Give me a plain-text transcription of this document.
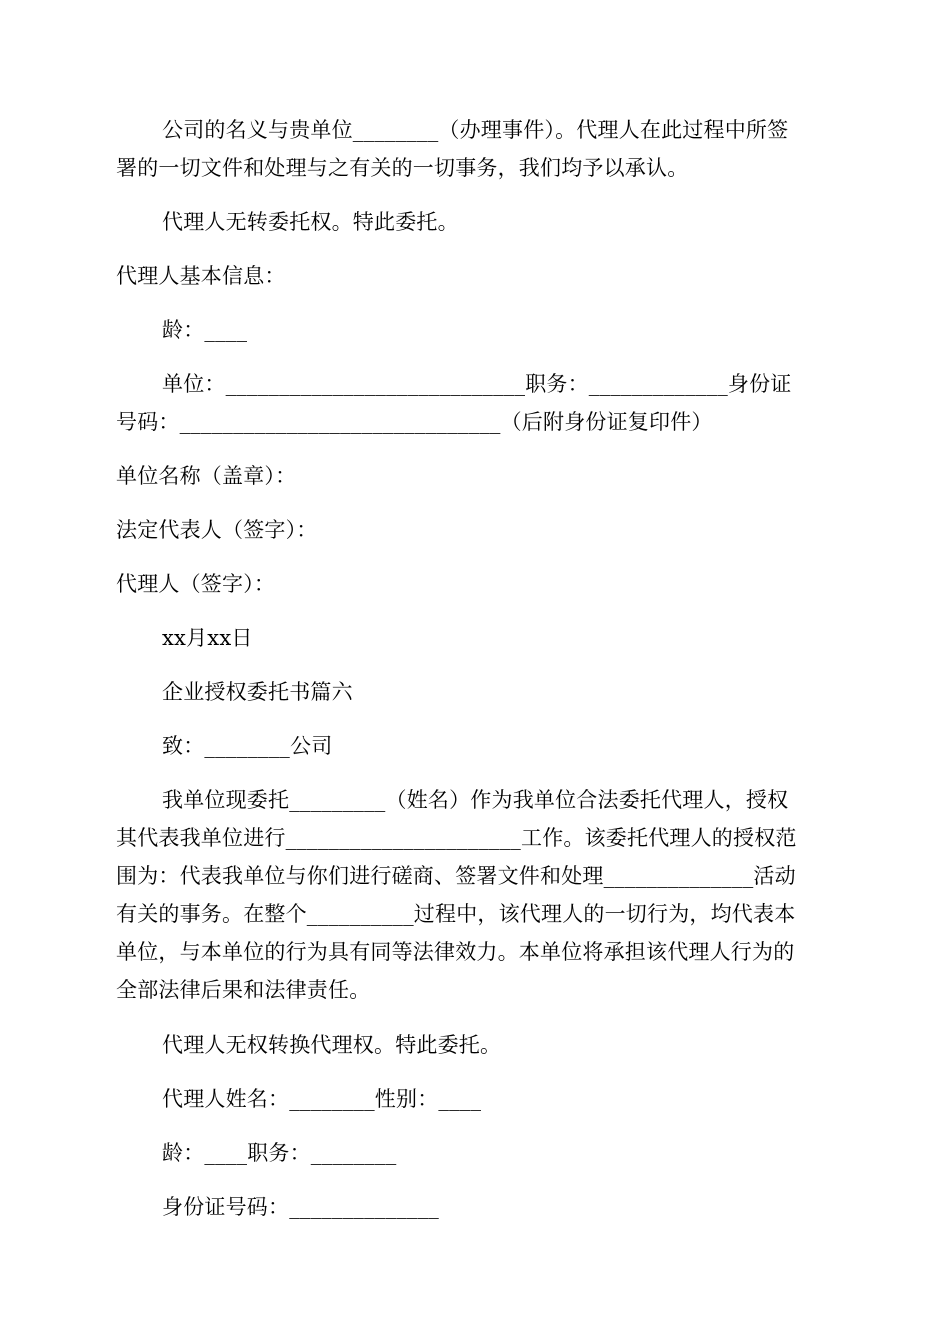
公司的名义与贵单位________（办理事件）。代理人在此过程中所签
署的一切文件和处理与之有关的一切事务，我们均予以承认。
代理人无转委托权。特此委托。
代理人基本信息：
龄：____
单位：____________________________职务：_____________身份证
号码：______________________________（后附身份证复印件）
单位名称（盖章）：
法定代表人（签字）：
代理人（签字）：
xx月xx日
企业授权委托书篇六
致：________公司
我单位现委托_________（姓名）作为我单位合法委托代理人，授权
其代表我单位进行______________________工作。该委托代理人的授权范
围为：代表我单位与你们进行磋商、签署文件和处理______________活动
有关的事务。在整个__________过程中，该代理人的一切行为，均代表本
单位，与本单位的行为具有同等法律效力。本单位将承担该代理人行为的
全部法律后果和法律责任。
代理人无权转换代理权。特此委托。
代理人姓名：________性别：____
龄：____职务：________
身份证号码：______________
